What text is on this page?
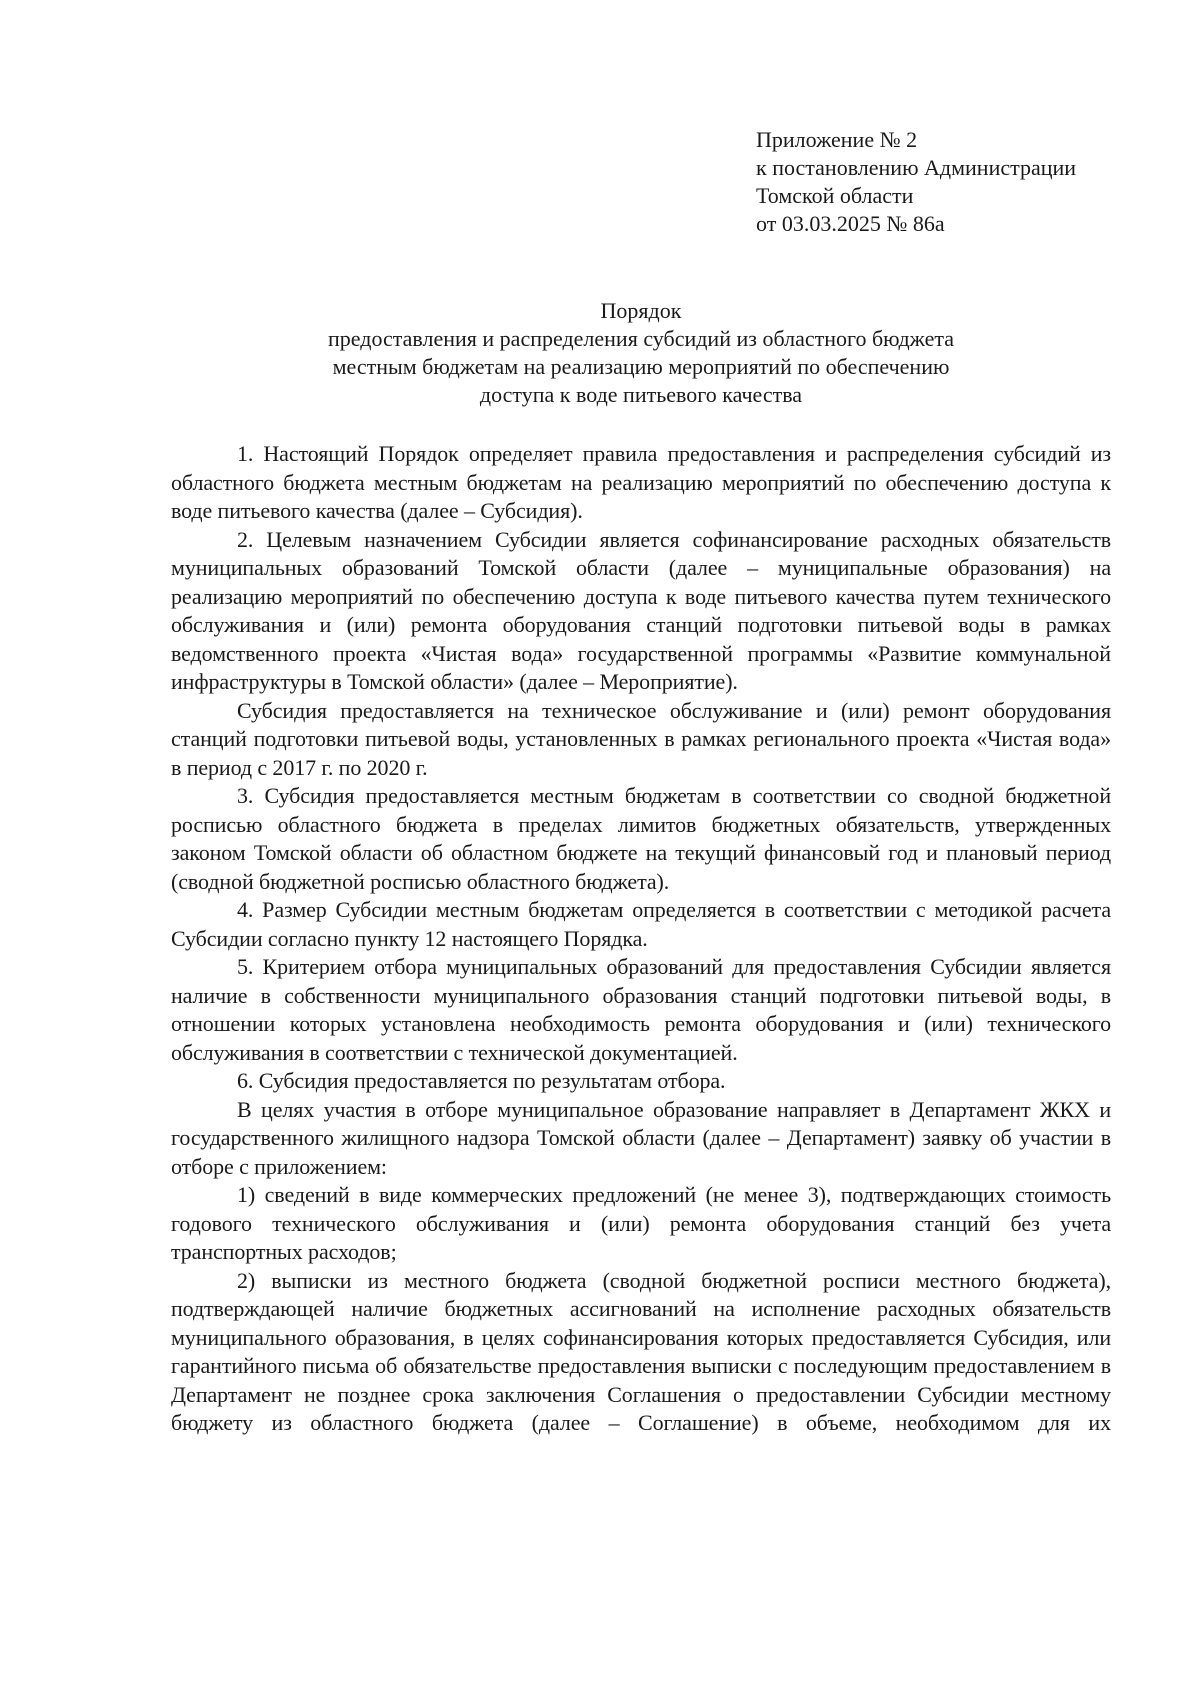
Приложение № 2
к постановлению Администрации
Томской области
от 03.03.2025 № 86а
Порядок
предоставления и распределения субсидий из областного бюджета
местным бюджетам на реализацию мероприятий по обеспечению
доступа к воде питьевого качества

1. Настоящий Порядок определяет правила предоставления и распределения субсидий из областного бюджета местным бюджетам на реализацию мероприятий по обеспечению доступа к воде питьевого качества (далее – Субсидия).

2. Целевым назначением Субсидии является софинансирование расходных обязательств муниципальных образований Томской области (далее – муниципальные образования) на реализацию мероприятий по обеспечению доступа к воде питьевого качества путем технического обслуживания и (или) ремонта оборудования станций подготовки питьевой воды в рамках ведомственного проекта «Чистая вода» государственной программы «Развитие коммунальной инфраструктуры в Томской области» (далее – Мероприятие).

Субсидия предоставляется на техническое обслуживание и (или) ремонт оборудования станций подготовки питьевой воды, установленных в рамках регионального проекта «Чистая вода» в период с 2017 г. по 2020 г.

3. Субсидия предоставляется местным бюджетам в соответствии со сводной бюджетной росписью областного бюджета в пределах лимитов бюджетных обязательств, утвержденных законом Томской области об областном бюджете на текущий финансовый год и плановый период (сводной бюджетной росписью областного бюджета).

4. Размер Субсидии местным бюджетам определяется в соответствии с методикой расчета Субсидии согласно пункту 12 настоящего Порядка.

5. Критерием отбора муниципальных образований для предоставления Субсидии является наличие в собственности муниципального образования станций подготовки питьевой воды, в отношении которых установлена необходимость ремонта оборудования и (или) технического обслуживания в соответствии с технической документацией.

6. Субсидия предоставляется по результатам отбора.

В целях участия в отборе муниципальное образование направляет в Департамент ЖКХ и государственного жилищного надзора Томской области (далее – Департамент) заявку об участии в отборе с приложением:

1) сведений в виде коммерческих предложений (не менее 3), подтверждающих стоимость годового технического обслуживания и (или) ремонта оборудования станций без учета транспортных расходов;

2) выписки из местного бюджета (сводной бюджетной росписи местного бюджета), подтверждающей наличие бюджетных ассигнований на исполнение расходных обязательств муниципального образования, в целях софинансирования которых предоставляется Субсидия, или гарантийного письма об обязательстве предоставления выписки с последующим предоставлением в Департамент не позднее срока заключения Соглашения о предоставлении Субсидии местному бюджету из областного бюджета (далее – Соглашение) в объеме, необходимом для их
